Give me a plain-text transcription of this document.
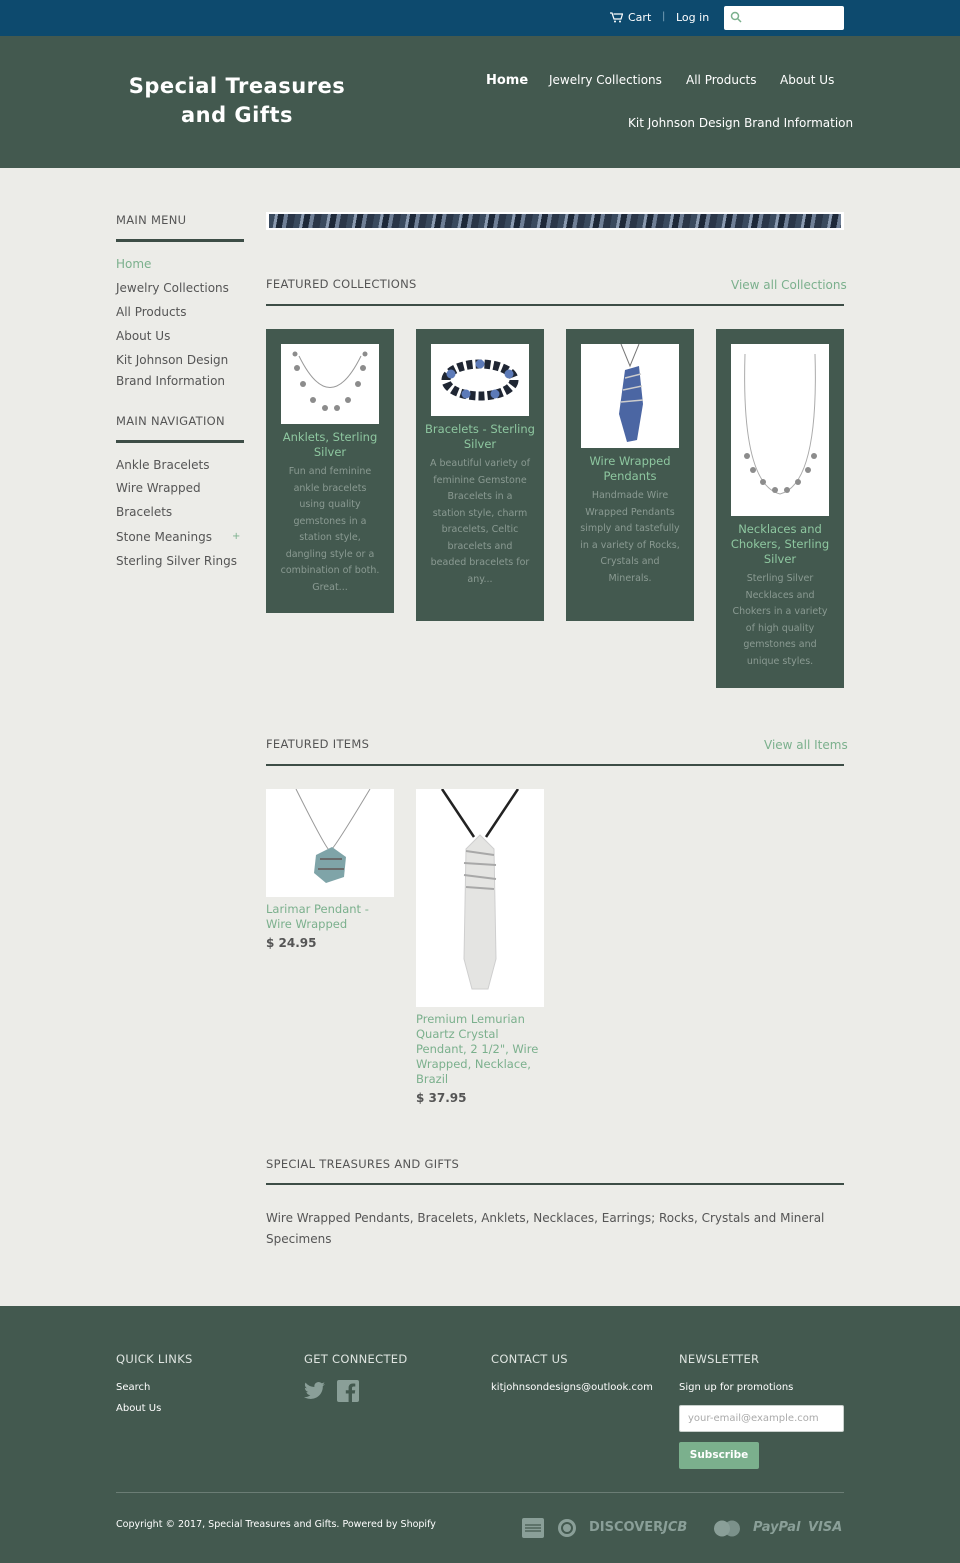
Cart | Log in
Special Treasures and Gifts
Home Jewelry Collections All Products About Us
Kit Johnson Design Brand Information
MAIN MENU
Home
Jewelry Collections
All Products
About Us
Kit Johnson Design Brand Information
MAIN NAVIGATION
Ankle Bracelets
Wire Wrapped Bracelets
Stone Meanings +
Sterling Silver Rings
FEATURED COLLECTIONS	View all Collections
Anklets, Sterling Silver
Fun and feminine ankle bracelets using quality gemstones in a station style, dangling style or a combination of both. Great...
Bracelets - Sterling Silver
A beautiful variety of feminine Gemstone Bracelets in a station style, charm bracelets, Celtic bracelets and beaded bracelets for any...
Wire Wrapped Pendants
Handmade Wire Wrapped Pendants simply and tastefully in a variety of Rocks, Crystals and Minerals.
Necklaces and Chokers, Sterling Silver
Sterling Silver Necklaces and Chokers in a variety of high quality gemstones and unique styles.
FEATURED ITEMS	View all Items
Larimar Pendant - Wire Wrapped
$ 24.95
Premium Lemurian Quartz Crystal Pendant, 2 1/2", Wire Wrapped, Necklace, Brazil
$ 37.95
SPECIAL TREASURES AND GIFTS
Wire Wrapped Pendants, Bracelets, Anklets, Necklaces, Earrings; Rocks, Crystals and Mineral Specimens
QUICK LINKS
Search
About Us
GET CONNECTED	CONTACT US
kitjohnsondesigns@outlook.com
NEWSLETTER
Sign up for promotions
your-email@example.com
Subscribe
Copyright © 2017, Special Treasures and Gifts. Powered by Shopify	DISCOVER JCB	PayPal VISA
